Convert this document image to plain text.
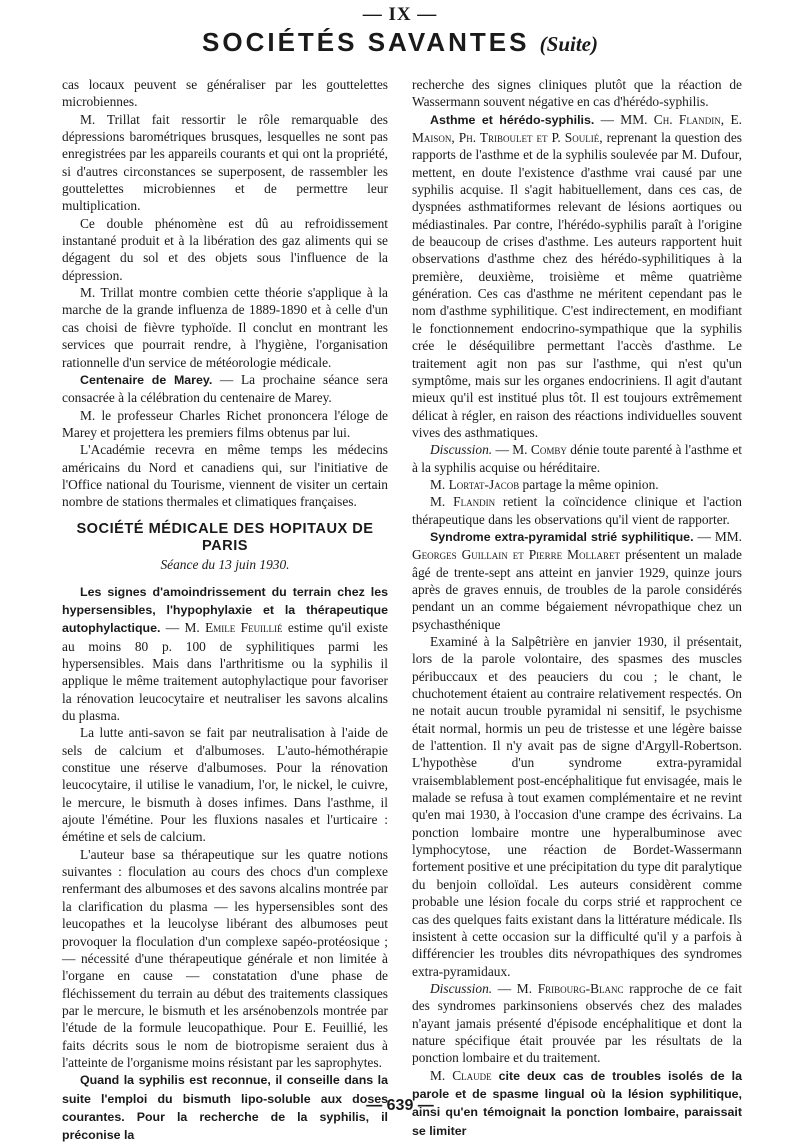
— IX —
SOCIÉTÉS SAVANTES (Suite)

cas locaux peuvent se généraliser par les gouttelettes microbiennes.

M. Trillat fait ressortir le rôle remarquable des dépressions barométriques brusques, lesquelles ne sont pas enregistrées par les appareils courants et qui ont la propriété, si d'autres circonstances se superposent, de rassembler les gouttelettes microbiennes et de permettre leur multiplication.

Ce double phénomène est dû au refroidissement instantané produit et à la libération des gaz aliments qui se dégagent du sol et des objets sous l'influence de la dépression.

M. Trillat montre combien cette théorie s'applique à la marche de la grande influenza de 1889-1890 et à celle d'un cas choisi de fièvre typhoïde. Il conclut en montrant les services que pourrait rendre, à l'hygiène, l'organisation rationnelle d'un service de météorologie médicale.

Centenaire de Marey. — La prochaine séance sera consacrée à la célébration du centenaire de Marey.

M. le professeur Charles Richet prononcera l'éloge de Marey et projettera les premiers films obtenus par lui.

L'Académie recevra en même temps les médecins américains du Nord et canadiens qui, sur l'initiative de l'Office national du Tourisme, viennent de visiter un certain nombre de stations thermales et climatiques françaises.

SOCIÉTÉ MÉDICALE DES HOPITAUX DE PARIS
Séance du 13 juin 1930.

Les signes d'amoindrissement du terrain chez les hypersensibles, l'hypophylaxie et la thérapeutique autophylactique. — M. Emile Feuillié estime qu'il existe au moins 80 p. 100 de syphilitiques parmi les hypersensibles. Mais dans l'arthritisme ou la syphilis il applique le même traitement autophylactique pour favoriser la rénovation leucocytaire et neutraliser les savons alcalins du plasma.

La lutte anti-savon se fait par neutralisation à l'aide de sels de calcium et d'albumoses. L'auto-hémothérapie constitue une réserve d'albumoses. Pour la rénovation leucocytaire, il utilise le vanadium, l'or, le nickel, le cuivre, le mercure, le bismuth à doses infimes. Dans l'asthme, il ajoute l'émétine. Pour les fluxions nasales et l'urticaire : émétine et sels de calcium.

L'auteur base sa thérapeutique sur les quatre notions suivantes : floculation au cours des chocs d'un complexe renfermant des albumoses et des savons alcalins montrée par la clarification du plasma — les hypersensibles sont des leucopathes et la leucolyse libérant des albumoses peut provoquer la floculation d'un complexe sapéo-protéosique ; — nécessité d'une thérapeutique générale et non limitée à l'organe en cause — constatation d'une phase de fléchissement du terrain au début des traitements classiques par le mercure, le bismuth et les arsénobenzols montrée par l'étude de la formule leucopathique. Pour E. Feuillié, les faits décrits sous le nom de biotropisme seraient dus à l'atteinte de l'organisme moins résistant par les saprophytes.

Quand la syphilis est reconnue, il conseille dans la suite l'emploi du bismuth lipo-soluble aux doses courantes. Pour la recherche de la syphilis, il préconise la

recherche des signes cliniques plutôt que la réaction de Wassermann souvent négative en cas d'hérédo-syphilis.

Asthme et hérédo-syphilis. — MM. Ch. Flandin, E. Maison, Ph. Triboulet et P. Soulié, reprenant la question des rapports de l'asthme et de la syphilis soulevée par M. Dufour, mettent, en doute l'existence d'asthme vrai causé par une syphilis acquise. Il s'agit habituellement, dans ces cas, de dyspnées asthmatiformes relevant de lésions aortiques ou médiastinales. Par contre, l'hérédo-syphilis paraît à l'origine de beaucoup de crises d'asthme. Les auteurs rapportent huit observations d'asthme chez des hérédo-syphilitiques à la première, deuxième, troisième et même quatrième génération. Ces cas d'asthme ne méritent cependant pas le nom d'asthme syphilitique. C'est indirectement, en modifiant le fonctionnement endocrino-sympathique que la syphilis crée le déséquilibre permettant l'accès d'asthme. Le traitement agit non pas sur l'asthme, qui n'est qu'un symptôme, mais sur les organes endocriniens. Il agit d'autant mieux qu'il est institué plus tôt. Il est toujours extrêmement délicat à régler, en raison des réactions individuelles souvent vives des asthmatiques.

Discussion. — M. Comby dénie toute parenté à l'asthme et à la syphilis acquise ou héréditaire.

M. Lortat-Jacob partage la même opinion.

M. Flandin retient la coïncidence clinique et l'action thérapeutique dans les observations qu'il vient de rapporter.

Syndrome extra-pyramidal strié syphilitique. — MM. Georges Guillain et Pierre Mollaret présentent un malade âgé de trente-sept ans atteint en janvier 1929, quinze jours après de graves ennuis, de troubles de la parole considérés pendant un an comme bégaiement névropathique chez un psychasthénique

Examiné à la Salpêtrière en janvier 1930, il présentait, lors de la parole volontaire, des spasmes des muscles péribuccaux et des peauciers du cou ; le chant, le chuchotement étaient au contraire relativement respectés. On ne notait aucun trouble pyramidal ni sensitif, le psychisme était normal, hormis un peu de tristesse et une légère baisse de l'attention. Il n'y avait pas de signe d'Argyll-Robertson. L'hypothèse d'un syndrome extra-pyramidal vraisemblablement post-encéphalitique fut envisagée, mais le malade se refusa à tout examen complémentaire et ne revint qu'en mai 1930, à l'occasion d'une crampe des écrivains. La ponction lombaire montre une hyperalbuminose avec lymphocytose, une réaction de Bordet-Wassermann fortement positive et une précipitation du type dit paralytique du benjoin colloïdal. Les auteurs considèrent comme probable une lésion focale du corps strié et rapprochent ce cas des quelques faits existant dans la littérature médicale. Ils insistent à cette occasion sur la difficulté qu'il y a parfois à différencier les troubles dits névropathiques des syndromes extra-pyramidaux.

Discussion. — M. Fribourg-Blanc rapproche de ce fait des syndromes parkinsoniens observés chez des malades n'ayant jamais présenté d'épisode encéphalitique et dont la nature spécifique était prouvée par les résultats de la ponction lombaire et du traitement.

M. Claude cite deux cas de troubles isolés de la parole et de spasme lingual où la lésion syphilitique, ainsi qu'en témoignait la ponction lombaire, paraissait se limiter

— 639 —
